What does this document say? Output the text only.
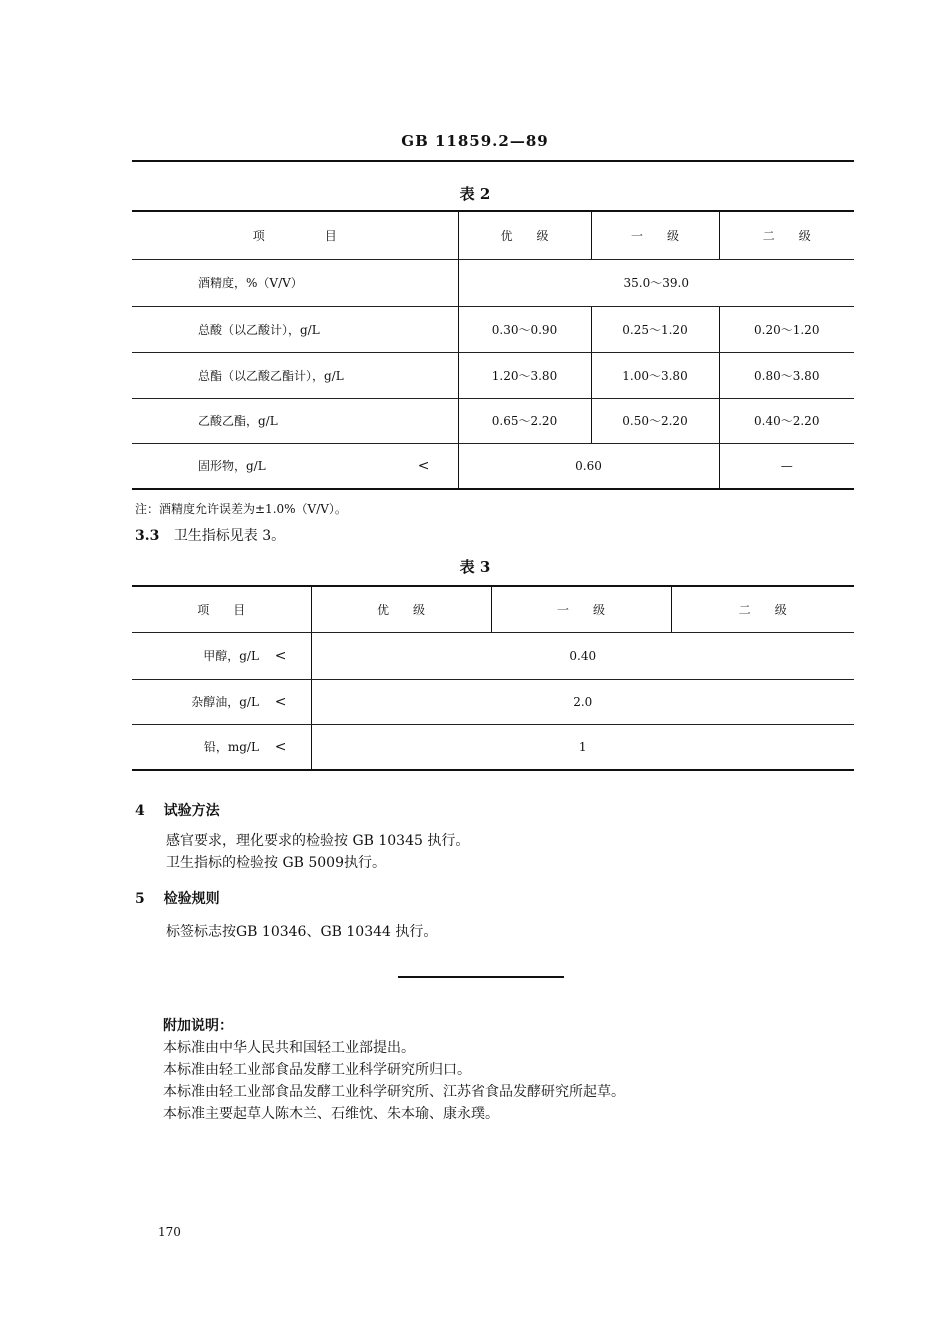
GB 11859.2—89
表 2
项　　　　　目	优　　级	一　　级	二　　级
酒精度，%（V/V）	35.0～39.0		
总酸（以乙酸计），g/L	0.30～0.90	0.25～1.20	0.20～1.20
总酯（以乙酸乙酯计），g/L	1.20～3.80	1.00～3.80	0.80～3.80
乙酸乙酯，g/L	0.65～2.20	0.50～2.20	0.40～2.20
固形物，g/L <	0.60		—
注：酒精度允许误差为±1.0%（V/V）。
3.3 卫生指标见表 3。
表 3
项　　目	优　　级	一　　级	二　　级
甲醇，g/L <	0.40		
杂醇油，g/L <	2.0		
铅，mg/L <	1		
4 试验方法
感官要求，理化要求的检验按 GB 10345 执行。
卫生指标的检验按 GB 5009执行。
5 检验规则
标签标志按GB 10346、GB 10344 执行。
附加说明：
本标准由中华人民共和国轻工业部提出。
本标准由轻工业部食品发酵工业科学研究所归口。
本标准由轻工业部食品发酵工业科学研究所、江苏省食品发酵研究所起草。
本标准主要起草人陈木兰、石维忱、朱本瑜、康永璞。
170
